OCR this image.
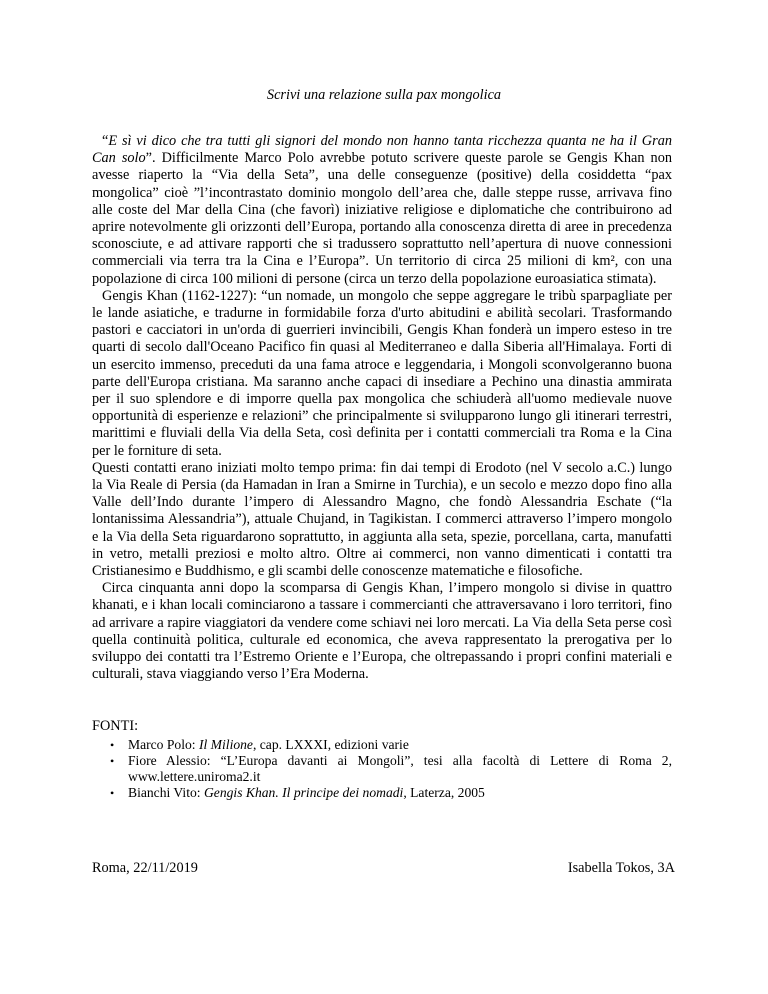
Scrivi una relazione sulla pax mongolica

“E sì vi dico che tra tutti gli signori del mondo non hanno tanta ricchezza quanta ne ha il Gran Can solo”. Difficilmente Marco Polo avrebbe potuto scrivere queste parole se Gengis Khan non avesse riaperto la “Via della Seta”, una delle conseguenze (positive) della cosiddetta “pax mongolica” cioè ”l’incontrastato dominio mongolo dell’area che, dalle steppe russe, arrivava fino alle coste del Mar della Cina (che favorì) iniziative religiose e diplomatiche che contribuirono ad aprire notevolmente gli orizzonti dell’Europa, portando alla conoscenza diretta di aree in precedenza sconosciute, e ad attivare rapporti che si tradussero soprattutto nell’apertura di nuove connessioni commerciali via terra tra la Cina e l’Europa”. Un territorio di circa 25 milioni di km², con una popolazione di circa 100 milioni di persone (circa un terzo della popolazione euroasiatica stimata).

Gengis Khan (1162-1227): “un nomade, un mongolo che seppe aggregare le tribù sparpagliate per le lande asiatiche, e tradurne in formidabile forza d'urto abitudini e abilità secolari. Trasformando pastori e cacciatori in un'orda di guerrieri invincibili, Gengis Khan fonderà un impero esteso in tre quarti di secolo dall'Oceano Pacifico fin quasi al Mediterraneo e dalla Siberia all'Himalaya. Forti di un esercito immenso, preceduti da una fama atroce e leggendaria, i Mongoli sconvolgeranno buona parte dell'Europa cristiana. Ma saranno anche capaci di insediare a Pechino una dinastia ammirata per il suo splendore e di imporre quella pax mongolica che schiuderà all'uomo medievale nuove opportunità di esperienze e relazioni” che principalmente si svilupparono lungo gli itinerari terrestri, marittimi e fluviali della Via della Seta, così definita per i contatti commerciali tra Roma e la Cina per le forniture di seta.

Questi contatti erano iniziati molto tempo prima: fin dai tempi di Erodoto (nel V secolo a.C.) lungo la Via Reale di Persia (da Hamadan in Iran a Smirne in Turchia), e un secolo e mezzo dopo fino alla Valle dell’Indo durante l’impero di Alessandro Magno, che fondò Alessandria Eschate (“la lontanissima Alessandria”), attuale Chujand, in Tagikistan. I commerci attraverso l’impero mongolo e la Via della Seta riguardarono soprattutto, in aggiunta alla seta, spezie, porcellana, carta, manufatti in vetro, metalli preziosi e molto altro. Oltre ai commerci, non vanno dimenticati i contatti tra Cristianesimo e Buddhismo, e gli scambi delle conoscenze matematiche e filosofiche.

Circa cinquanta anni dopo la scomparsa di Gengis Khan, l’impero mongolo si divise in quattro khanati, e i khan locali cominciarono a tassare i commercianti che attraversavano i loro territori, fino ad arrivare a rapire viaggiatori da vendere come schiavi nei loro mercati. La Via della Seta perse così quella continuità politica, culturale ed economica, che aveva rappresentato la prerogativa per lo sviluppo dei contatti tra l’Estremo Oriente e l’Europa, che oltrepassando i propri confini materiali e culturali, stava viaggiando verso l’Era Moderna.

FONTI:

• Marco Polo: Il Milione, cap. LXXXI, edizioni varie
• Fiore Alessio: “L’Europa davanti ai Mongoli”, tesi alla facoltà di Lettere di Roma 2, www.lettere.uniroma2.it
• Bianchi Vito: Gengis Khan. Il principe dei nomadi, Laterza, 2005
Roma, 22/11/2019	Isabella Tokos, 3A
